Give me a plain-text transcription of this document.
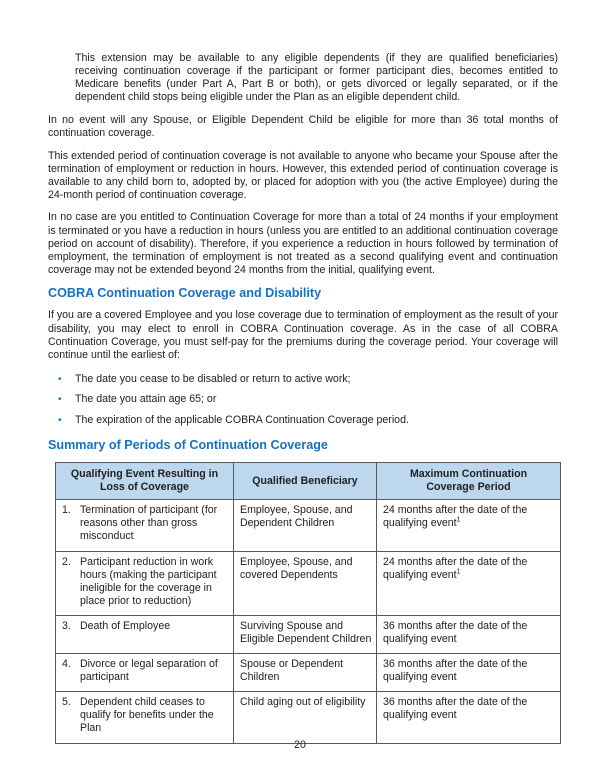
This extension may be available to any eligible dependents (if they are qualified beneficiaries) receiving continuation coverage if the participant or former participant dies, becomes entitled to Medicare benefits (under Part A, Part B or both), or gets divorced or legally separated, or if the dependent child stops being eligible under the Plan as an eligible dependent child.

In no event will any Spouse, or Eligible Dependent Child be eligible for more than 36 total months of continuation coverage.

This extended period of continuation coverage is not available to anyone who became your Spouse after the termination of employment or reduction in hours. However, this extended period of continuation coverage is available to any child born to, adopted by, or placed for adoption with you (the active Employee) during the 24-month period of continuation coverage.

In no case are you entitled to Continuation Coverage for more than a total of 24 months if your employment is terminated or you have a reduction in hours (unless you are entitled to an additional continuation coverage period on account of disability). Therefore, if you experience a reduction in hours followed by termination of employment, the termination of employment is not treated as a second qualifying event and continuation coverage may not be extended beyond 24 months from the initial, qualifying event.

COBRA Continuation Coverage and Disability

If you are a covered Employee and you lose coverage due to termination of employment as the result of your disability, you may elect to enroll in COBRA Continuation coverage. As in the case of all COBRA Continuation Coverage, you must self-pay for the premiums during the coverage period. Your coverage will continue until the earliest of:

•	The date you cease to be disabled or return to active work;
•	The date you attain age 65; or
•	The expiration of the applicable COBRA Continuation Coverage period.
Summary of Periods of Continuation Coverage
Qualifying Event Resulting in Loss of Coverage	Qualified Beneficiary	Maximum Continuation Coverage Period

1. Termination of participant (for reasons other than gross misconduct	Employee, Spouse, and Dependent Children	24 months after the date of the qualifying event$^1$

2. Participant reduction in work hours (making the participant ineligible for the coverage in place prior to reduction)	Employee, Spouse, and covered Dependents	24 months after the date of the qualifying event$^1$

3. Death of Employee	Surviving Spouse and Eligible Dependent Children	36 months after the date of the qualifying event

4. Divorce or legal separation of participant	Spouse or Dependent Children	36 months after the date of the qualifying event

5. Dependent child ceases to qualify for benefits under the Plan	Child aging out of eligibility	36 months after the date of the qualifying event
20
